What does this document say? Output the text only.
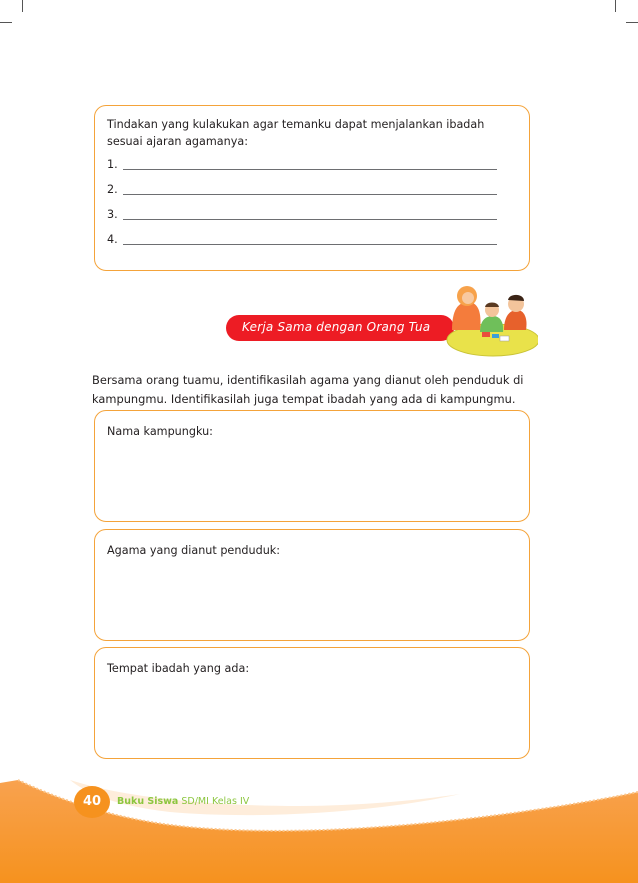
Tindakan yang kulakukan agar temanku dapat menjalankan ibadah sesuai ajaran agamanya:
1.
2.
3.
4.
Kerja Sama dengan Orang Tua
Bersama orang tuamu, identifikasilah agama yang dianut oleh penduduk di kampungmu. Identifikasilah juga tempat ibadah yang ada di kampungmu.
Nama kampungku:
Agama yang dianut penduduk:
Tempat ibadah yang ada:
40	Buku Siswa SD/MI Kelas IV
